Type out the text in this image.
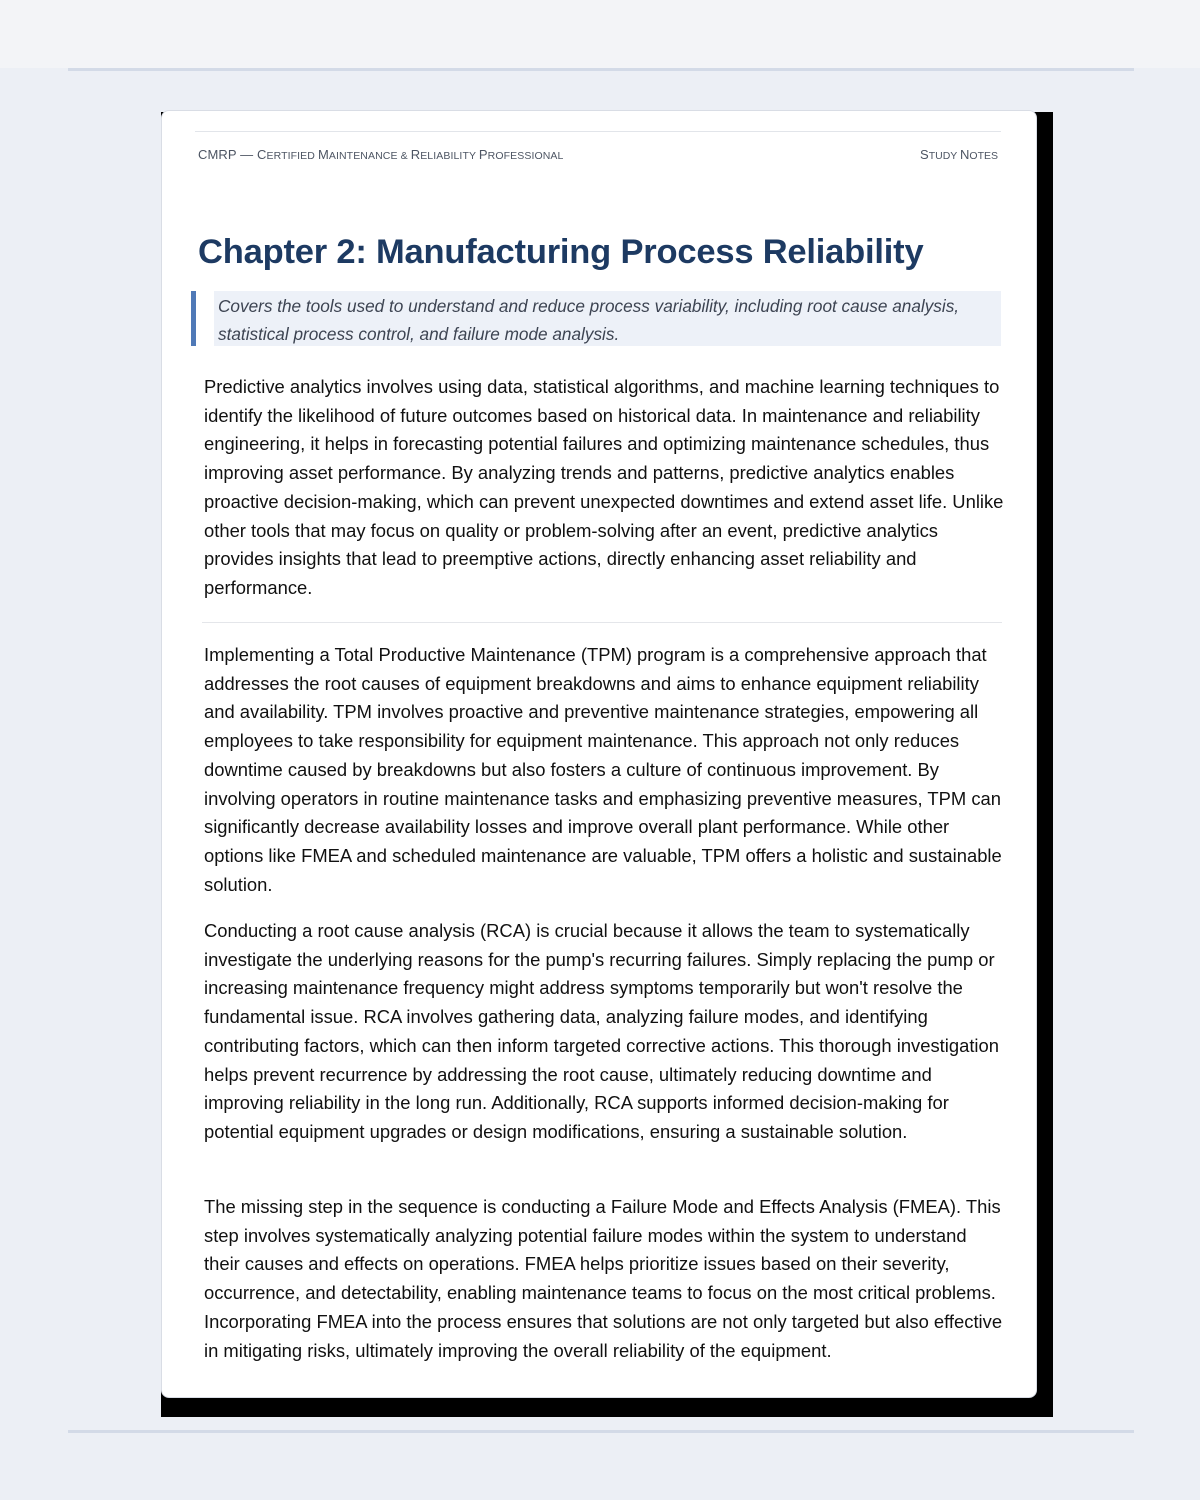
CMRP — CERTIFIED MAINTENANCE & RELIABILITY PROFESSIONAL	STUDY NOTES
Chapter 2: Manufacturing Process Reliability
Covers the tools used to understand and reduce process variability, including root cause analysis, statistical process control, and failure mode analysis.

Predictive analytics involves using data, statistical algorithms, and machine learning techniques to identify the likelihood of future outcomes based on historical data. In maintenance and reliability engineering, it helps in forecasting potential failures and optimizing maintenance schedules, thus improving asset performance. By analyzing trends and patterns, predictive analytics enables proactive decision-making, which can prevent unexpected downtimes and extend asset life. Unlike other tools that may focus on quality or problem-solving after an event, predictive analytics provides insights that lead to preemptive actions, directly enhancing asset reliability and performance.

Implementing a Total Productive Maintenance (TPM) program is a comprehensive approach that addresses the root causes of equipment breakdowns and aims to enhance equipment reliability and availability. TPM involves proactive and preventive maintenance strategies, empowering all employees to take responsibility for equipment maintenance. This approach not only reduces downtime caused by breakdowns but also fosters a culture of continuous improvement. By involving operators in routine maintenance tasks and emphasizing preventive measures, TPM can significantly decrease availability losses and improve overall plant performance. While other options like FMEA and scheduled maintenance are valuable, TPM offers a holistic and sustainable solution.

Conducting a root cause analysis (RCA) is crucial because it allows the team to systematically investigate the underlying reasons for the pump's recurring failures. Simply replacing the pump or increasing maintenance frequency might address symptoms temporarily but won't resolve the fundamental issue. RCA involves gathering data, analyzing failure modes, and identifying contributing factors, which can then inform targeted corrective actions. This thorough investigation helps prevent recurrence by addressing the root cause, ultimately reducing downtime and improving reliability in the long run. Additionally, RCA supports informed decision-making for potential equipment upgrades or design modifications, ensuring a sustainable solution.

The missing step in the sequence is conducting a Failure Mode and Effects Analysis (FMEA). This step involves systematically analyzing potential failure modes within the system to understand their causes and effects on operations. FMEA helps prioritize issues based on their severity, occurrence, and detectability, enabling maintenance teams to focus on the most critical problems. Incorporating FMEA into the process ensures that solutions are not only targeted but also effective in mitigating risks, ultimately improving the overall reliability of the equipment.
